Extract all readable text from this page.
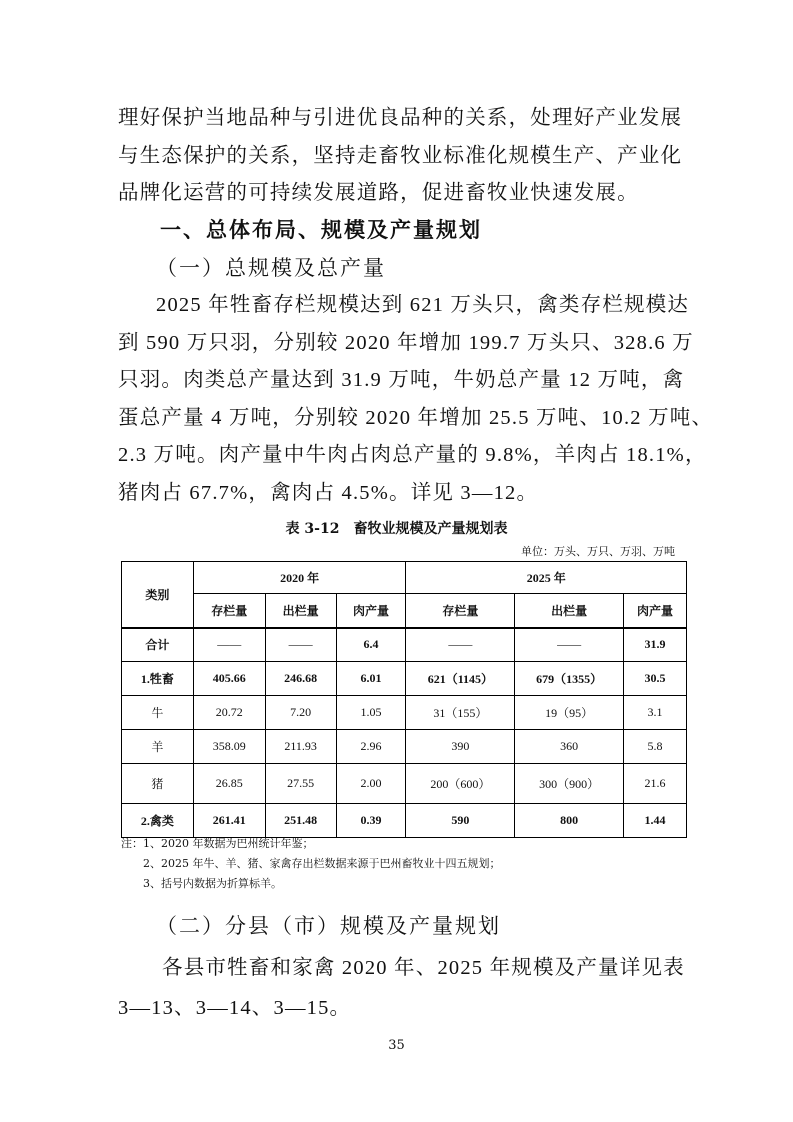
理好保护当地品种与引进优良品种的关系，处理好产业发展

与生态保护的关系，坚持走畜牧业标准化规模生产、产业化

品牌化运营的可持续发展道路，促进畜牧业快速发展。

一、总体布局、规模及产量规划
（一）总规模及总产量

2025 年牲畜存栏规模达到 621 万头只，禽类存栏规模达

到 590 万只羽，分别较 2020 年增加 199.7 万头只、328.6 万

只羽。肉类总产量达到 31.9 万吨，牛奶总产量 12 万吨，禽

蛋总产量 4 万吨，分别较 2020 年增加 25.5 万吨、10.2 万吨、

2.3 万吨。肉产量中牛肉占肉总产量的 9.8%，羊肉占 18.1%，

猪肉占 67.7%，禽肉占 4.5%。详见 3—12。

表 3-12　畜牧业规模及产量规划表
单位：万头、万只、万羽、万吨
类别	2020 年			2025 年		
	存栏量	出栏量	肉产量	存栏量	出栏量	肉产量
合计	——	——	6.4	——	——	31.9
1.牲畜	405.66	246.68	6.01	621（1145）	679（1355）	30.5
牛	20.72	7.20	1.05	31（155）	19（95）	3.1
羊	358.09	211.93	2.96	390	360	5.8
猪	26.85	27.55	2.00	200（600）	300（900）	21.6
2.禽类	261.41	251.48	0.39	590	800	1.44
注：1、2020 年数据为巴州统计年鉴；
　　2、2025 年牛、羊、猪、家禽存出栏数据来源于巴州畜牧业十四五规划；
　　3、括号内数据为折算标羊。
（二）分县（市）规模及产量规划

各县市牲畜和家禽 2020 年、2025 年规模及产量详见表

3—13、3—14、3—15。

35
